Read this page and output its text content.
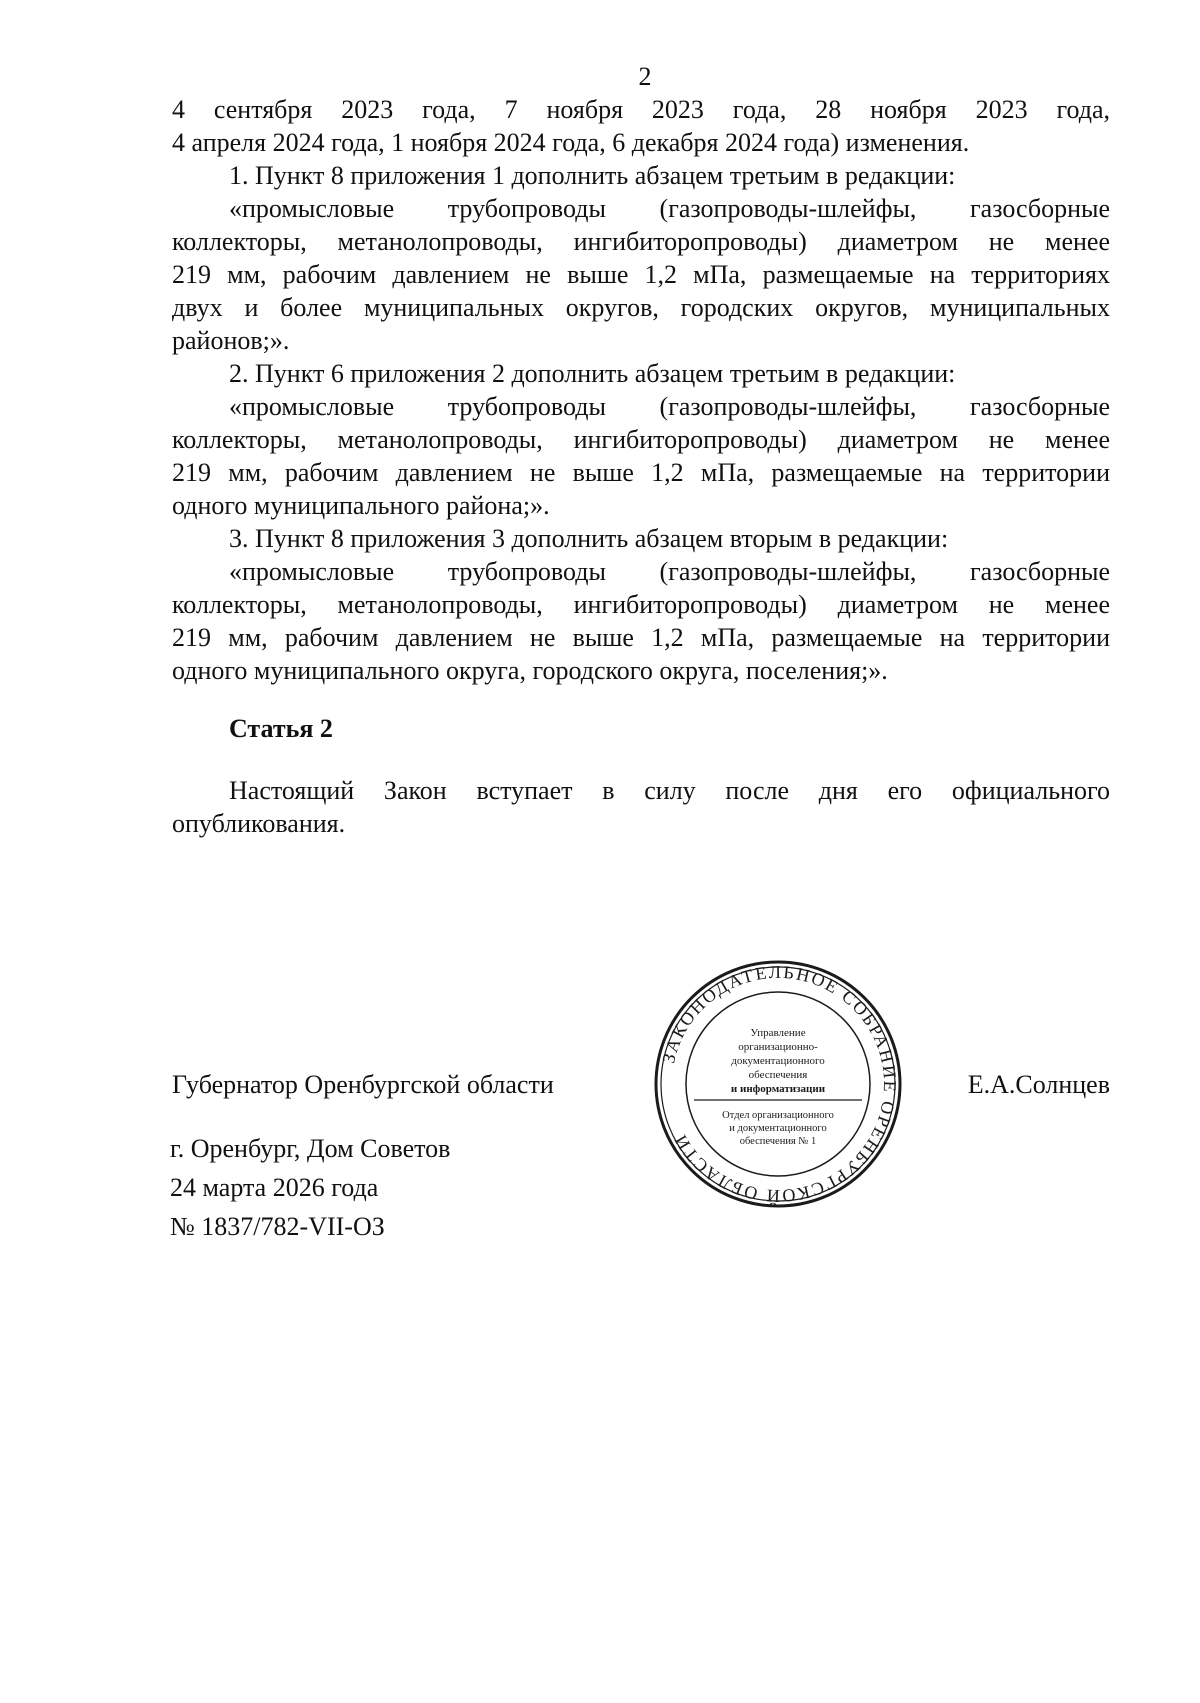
2
4 сентября 2023 года, 7 ноября 2023 года, 28 ноября 2023 года,
4 апреля 2024 года, 1 ноября 2024 года, 6 декабря 2024 года) изменения.
1. Пункт 8 приложения 1 дополнить абзацем третьим в редакции:
«промысловые трубопроводы (газопроводы-шлейфы, газосборные
коллекторы, метанолопроводы, ингибиторопроводы) диаметром не менее
219 мм, рабочим давлением не выше 1,2 мПа, размещаемые на территориях
двух и более муниципальных округов, городских округов, муниципальных
районов;».
2. Пункт 6 приложения 2 дополнить абзацем третьим в редакции:
«промысловые трубопроводы (газопроводы-шлейфы, газосборные
коллекторы, метанолопроводы, ингибиторопроводы) диаметром не менее
219 мм, рабочим давлением не выше 1,2 мПа, размещаемые на территории
одного муниципального района;».
3. Пункт 8 приложения 3 дополнить абзацем вторым в редакции:
«промысловые трубопроводы (газопроводы-шлейфы, газосборные
коллекторы, метанолопроводы, ингибиторопроводы) диаметром не менее
219 мм, рабочим давлением не выше 1,2 мПа, размещаемые на территории
одного муниципального округа, городского округа, поселения;».
Статья 2
Настоящий Закон вступает в силу после дня его официального
опубликования.
Губернатор Оренбургской области	Е.А.Солнцев
г. Оренбург, Дом Советов
24 марта 2026 года
№ 1837/782-VII-ОЗ
ЗАКОНОДАТЕЛЬНОЕ СОБРАНИЕ ОРЕНБУРГСКОЙ ОБЛАСТИ
Управление
организационно-
документационного
обеспечения
и информатизации
Отдел организационного
и документационного
обеспечения № 1
